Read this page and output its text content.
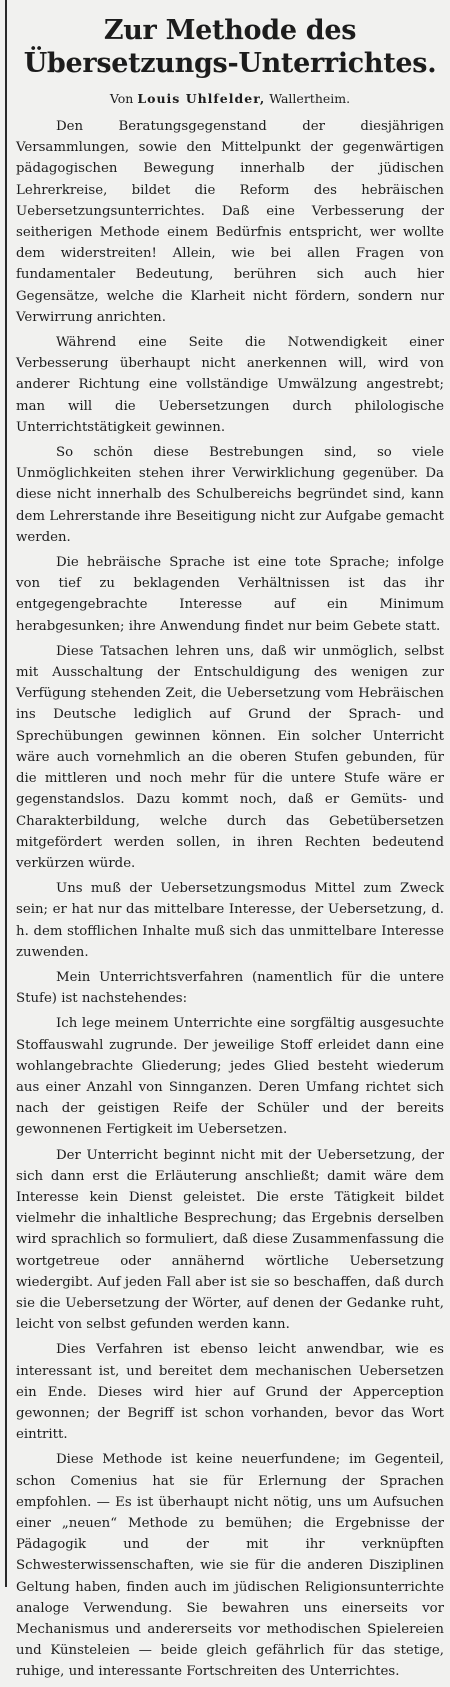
Zur Methode des Übersetzungs-Unterrichtes.
Von Louis Uhlfelder, Wallertheim.

Den Beratungsgegenstand der diesjährigen Versammlungen, sowie den Mittelpunkt der gegenwärtigen pädagogischen Bewegung innerhalb der jüdischen Lehrerkreise, bildet die Reform des hebräischen Uebersetzungsunterrichtes. Daß eine Verbesserung der seitherigen Methode einem Bedürfnis entspricht, wer wollte dem widerstreiten! Allein, wie bei allen Fragen von fundamentaler Bedeutung, berühren sich auch hier Gegensätze, welche die Klarheit nicht fördern, sondern nur Verwirrung anrichten.

Während eine Seite die Notwendigkeit einer Verbesserung überhaupt nicht anerkennen will, wird von anderer Richtung eine vollständige Umwälzung angestrebt; man will die Uebersetzungen durch philologische Unterrichtstätigkeit gewinnen.

So schön diese Bestrebungen sind, so viele Unmöglichkeiten stehen ihrer Verwirklichung gegenüber. Da diese nicht innerhalb des Schulbereichs begründet sind, kann dem Lehrerstande ihre Beseitigung nicht zur Aufgabe gemacht werden.

Die hebräische Sprache ist eine tote Sprache; infolge von tief zu beklagenden Verhältnissen ist das ihr entgegengebrachte Interesse auf ein Minimum herabgesunken; ihre Anwendung findet nur beim Gebete statt.

Diese Tatsachen lehren uns, daß wir unmöglich, selbst mit Ausschaltung der Entschuldigung des wenigen zur Verfügung stehenden Zeit, die Uebersetzung vom Hebräischen ins Deutsche lediglich auf Grund der Sprach- und Sprechübungen gewinnen können. Ein solcher Unterricht wäre auch vornehmlich an die oberen Stufen gebunden, für die mittleren und noch mehr für die untere Stufe wäre er gegenstandslos. Dazu kommt noch, daß er Gemüts- und Charakterbildung, welche durch das Gebetübersetzen mitgefördert werden sollen, in ihren Rechten bedeutend verkürzen würde.

Uns muß der Uebersetzungsmodus Mittel zum Zweck sein; er hat nur das mittelbare Interesse, der Uebersetzung, d. h. dem stofflichen Inhalte muß sich das unmittelbare Interesse zuwenden.

Mein Unterrichtsverfahren (namentlich für die untere Stufe) ist nachstehendes:

Ich lege meinem Unterrichte eine sorgfältig ausgesuchte Stoffauswahl zugrunde. Der jeweilige Stoff erleidet dann eine wohlangebrachte Gliederung; jedes Glied besteht wiederum aus einer Anzahl von Sinnganzen. Deren Umfang richtet sich nach der geistigen Reife der Schüler und der bereits gewonnenen Fertigkeit im Uebersetzen.

Der Unterricht beginnt nicht mit der Uebersetzung, der sich dann erst die Erläuterung anschließt; damit wäre dem Interesse kein Dienst geleistet. Die erste Tätigkeit bildet vielmehr die inhaltliche Besprechung; das Ergebnis derselben wird sprachlich so formuliert, daß diese Zusammenfassung die wortgetreue oder annähernd wörtliche Uebersetzung wiedergibt. Auf jeden Fall aber ist sie so beschaffen, daß durch sie die Uebersetzung der Wörter, auf denen der Gedanke ruht, leicht von selbst gefunden werden kann.

Dies Verfahren ist ebenso leicht anwendbar, wie es interessant ist, und bereitet dem mechanischen Uebersetzen ein Ende. Dieses wird hier auf Grund der Apperception gewonnen; der Begriff ist schon vorhanden, bevor das Wort eintritt.

Diese Methode ist keine neuerfundene; im Gegenteil, schon Comenius hat sie für Erlernung der Sprachen empfohlen. — Es ist überhaupt nicht nötig, uns um Aufsuchen einer „neuen“ Methode zu bemühen; die Ergebnisse der Pädagogik und der mit ihr verknüpften Schwesterwissenschaften, wie sie für die anderen Disziplinen Geltung haben, finden auch im jüdischen Religionsunterrichte analoge Verwendung. Sie bewahren uns einerseits vor Mechanismus und andererseits vor methodischen Spielereien und Künsteleien — beide gleich gefährlich für das stetige, ruhige, und interessante Fortschreiten des Unterrichtes.
